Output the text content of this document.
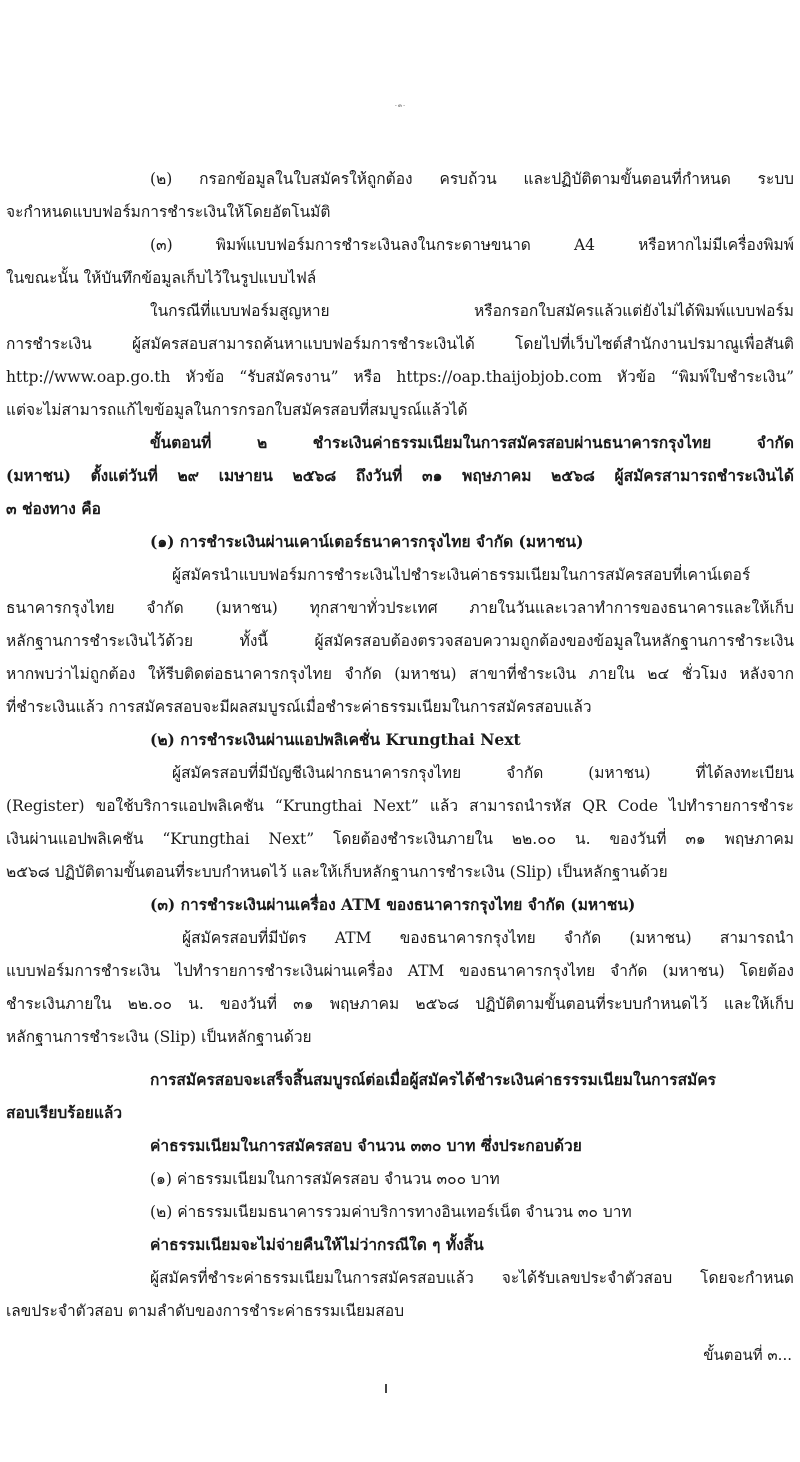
- ๓ -
(๒) กรอกข้อมูลในใบสมัครให้ถูกต้อง ครบถ้วน และปฏิบัติตามขั้นตอนที่กำหนด ระบบ
จะกำหนดแบบฟอร์มการชำระเงินให้โดยอัตโนมัติ
(๓) พิมพ์แบบฟอร์มการชำระเงินลงในกระดาษขนาด A4 หรือหากไม่มีเครื่องพิมพ์
ในขณะนั้น ให้บันทึกข้อมูลเก็บไว้ในรูปแบบไฟล์
ในกรณีที่แบบฟอร์มสูญหาย หรือกรอกใบสมัครแล้วแต่ยังไม่ได้พิมพ์แบบฟอร์ม
การชำระเงิน ผู้สมัครสอบสามารถค้นหาแบบฟอร์มการชำระเงินได้ โดยไปที่เว็บไซต์สำนักงานปรมาณูเพื่อสันติ
http://www.oap.go.th หัวข้อ “รับสมัครงาน” หรือ https://oap.thaijobjob.com หัวข้อ “พิมพ์ใบชำระเงิน”
แต่จะไม่สามารถแก้ไขข้อมูลในการกรอกใบสมัครสอบที่สมบูรณ์แล้วได้
ขั้นตอนที่ ๒ ชำระเงินค่าธรรมเนียมในการสมัครสอบผ่านธนาคารกรุงไทย จำกัด
(มหาชน) ตั้งแต่วันที่ ๒๙ เมษายน ๒๕๖๘ ถึงวันที่ ๓๑ พฤษภาคม ๒๕๖๘ ผู้สมัครสามารถชำระเงินได้
๓ ช่องทาง คือ
(๑) การชำระเงินผ่านเคาน์เตอร์ธนาคารกรุงไทย จำกัด (มหาชน)
ผู้สมัครนำแบบฟอร์มการชำระเงินไปชำระเงินค่าธรรมเนียมในการสมัครสอบที่เคาน์เตอร์
ธนาคารกรุงไทย จำกัด (มหาชน) ทุกสาขาทั่วประเทศ ภายในวันและเวลาทำการของธนาคารและให้เก็บ
หลักฐานการชำระเงินไว้ด้วย ทั้งนี้ ผู้สมัครสอบต้องตรวจสอบความถูกต้องของข้อมูลในหลักฐานการชำระเงิน
หากพบว่าไม่ถูกต้อง ให้รีบติดต่อธนาคารกรุงไทย จำกัด (มหาชน) สาขาที่ชำระเงิน ภายใน ๒๔ ชั่วโมง หลังจาก
ที่ชำระเงินแล้ว การสมัครสอบจะมีผลสมบูรณ์เมื่อชำระค่าธรรมเนียมในการสมัครสอบแล้ว
(๒) การชำระเงินผ่านแอปพลิเคชั่น Krungthai Next
ผู้สมัครสอบที่มีบัญชีเงินฝากธนาคารกรุงไทย จำกัด (มหาชน) ที่ได้ลงทะเบียน
(Register) ขอใช้บริการแอปพลิเคชัน “Krungthai Next” แล้ว สามารถนำรหัส QR Code ไปทำรายการชำระ
เงินผ่านแอปพลิเคชัน “Krungthai Next” โดยต้องชำระเงินภายใน ๒๒.๐๐ น. ของวันที่ ๓๑ พฤษภาคม
๒๕๖๘ ปฏิบัติตามขั้นตอนที่ระบบกำหนดไว้ และให้เก็บหลักฐานการชำระเงิน (Slip) เป็นหลักฐานด้วย
(๓) การชำระเงินผ่านเครื่อง ATM ของธนาคารกรุงไทย จำกัด (มหาชน)
ผู้สมัครสอบที่มีบัตร ATM ของธนาคารกรุงไทย จำกัด (มหาชน) สามารถนำ
แบบฟอร์มการชำระเงิน ไปทำรายการชำระเงินผ่านเครื่อง ATM ของธนาคารกรุงไทย จำกัด (มหาชน) โดยต้อง
ชำระเงินภายใน ๒๒.๐๐ น. ของวันที่ ๓๑ พฤษภาคม ๒๕๖๘ ปฏิบัติตามขั้นตอนที่ระบบกำหนดไว้ และให้เก็บ
หลักฐานการชำระเงิน (Slip) เป็นหลักฐานด้วย
การสมัครสอบจะเสร็จสิ้นสมบูรณ์ต่อเมื่อผู้สมัครได้ชำระเงินค่าธรรรมเนียมในการสมัคร
สอบเรียบร้อยแล้ว
ค่าธรรมเนียมในการสมัครสอบ จำนวน ๓๓๐ บาท ซึ่งประกอบด้วย
(๑) ค่าธรรมเนียมในการสมัครสอบ จำนวน ๓๐๐ บาท
(๒) ค่าธรรมเนียมธนาคารรวมค่าบริการทางอินเทอร์เน็ต จำนวน ๓๐ บาท
ค่าธรรมเนียมจะไม่จ่ายคืนให้ไม่ว่ากรณีใด ๆ ทั้งสิ้น
ผู้สมัครที่ชำระค่าธรรมเนียมในการสมัครสอบแล้ว จะได้รับเลขประจำตัวสอบ โดยจะกำหนด
เลขประจำตัวสอบ ตามลำดับของการชำระค่าธรรมเนียมสอบ
ขั้นตอนที่ ๓...
